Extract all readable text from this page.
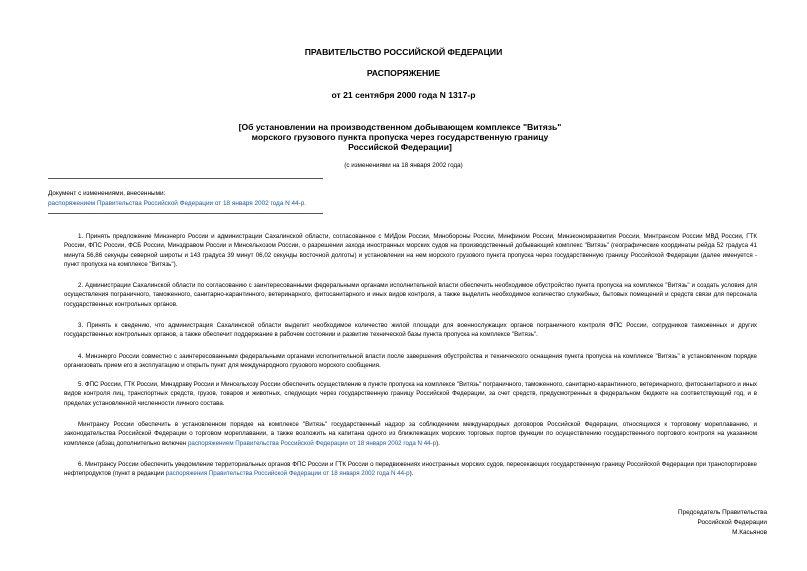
ПРАВИТЕЛЬСТВО РОССИЙСКОЙ ФЕДЕРАЦИИ
РАСПОРЯЖЕНИЕ
от 21 сентября 2000 года N 1317-р
[Об установлении на производственном добывающем комплексе "Витязь"
морского грузового пункта пропуска через государственную границу
Российской Федерации]
(с изменениями на 18 января 2002 года)
Документ с изменениями, внесенными:
распоряжением Правительства Российской Федерации от 18 января 2002 года N 44-р.
1. Принять предложение Минэнерго России и администрации Сахалинской области, согласованное с МИДом России, Минобороны России, Минфином России, Минэкономразвития России, Минтрансом России МВД России, ГТК России, ФПС России, ФСБ России, Минздравом России и Минсельхозом России, о разрешении захода иностранных морских судов на производственный добывающий комплекс "Витязь" (географические координаты рейда 52 градуса 41 минута 56,86 секунды северной широты и 143 градуса 39 минут 06,02 секунды восточной долготы) и установлении на нем морского грузового пункта пропуска через государственную границу Российской Федерации (далее именуется - пункт пропуска на комплексе "Витязь").
2. Администрации Сахалинской области по согласованию с заинтересованными федеральными органами исполнительной власти обеспечить необходимое обустройство пункта пропуска на комплексе "Витязь" и создать условия для осуществления пограничного, таможенного, санитарно-карантинного, ветеринарного, фитосанитарного и иных видов контроля, а также выделить необходимое количество служебных, бытовых помещений и средств связи для персонала государственных контрольных органов.
3. Принять к сведению, что администрация Сахалинской области выделит необходимое количество жилой площади для военнослужащих органов пограничного контроля ФПС России, сотрудников таможенных и других государственных контрольных органов, а также обеспечит поддержание в рабочем состоянии и развитие технической базы пункта пропуска на комплексе "Витязь".
4. Минэнерго России совместно с заинтересованными федеральными органами исполнительной власти после завершения обустройства и технического оснащения пункта пропуска на комплексе "Витязь" в установленном порядке организовать прием его в эксплуатацию и открыть пункт для международного грузового морского сообщения.
5. ФПС России, ГТК России, Минздраву России и Минсельхозу России обеспечить осуществление в пункте пропуска на комплексе "Витязь" пограничного, таможенного, санитарно-карантинного, ветеринарного, фитосанитарного и иных видов контроля лиц, транспортных средств, грузов, товаров и животных, следующих через государственную границу Российской Федерации, за счет средств, предусмотренных в федеральном бюджете на соответствующий год, и в пределах установленной численности личного состава.
Минтрансу России обеспечить в установленном порядке на комплексе "Витязь" государственный надзор за соблюдением международных договоров Российской Федерации, относящихся к торговому мореплаванию, и законодательства Российской Федерации о торговом мореплавании, а также возложить на капитана одного из ближлежащих морских торговых портов функции по осуществлению государственного портового контроля на указанном комплексе (абзац дополнительно включен распоряжением Правительства Российской Федерации от 18 января 2002 года N 44-р).
6. Минтрансу России обеспечить уведомление территориальных органов ФПС России и ГТК России о передвижениях иностранных морских судов, пересекающих государственную границу Российской Федерации при транспортировке нефтепродуктов (пункт в редакции распоряжения Правительства Российской Федерации от 18 января 2002 года N 44-р).
Председатель Правительства
Российской Федерации
М.Касьянов
